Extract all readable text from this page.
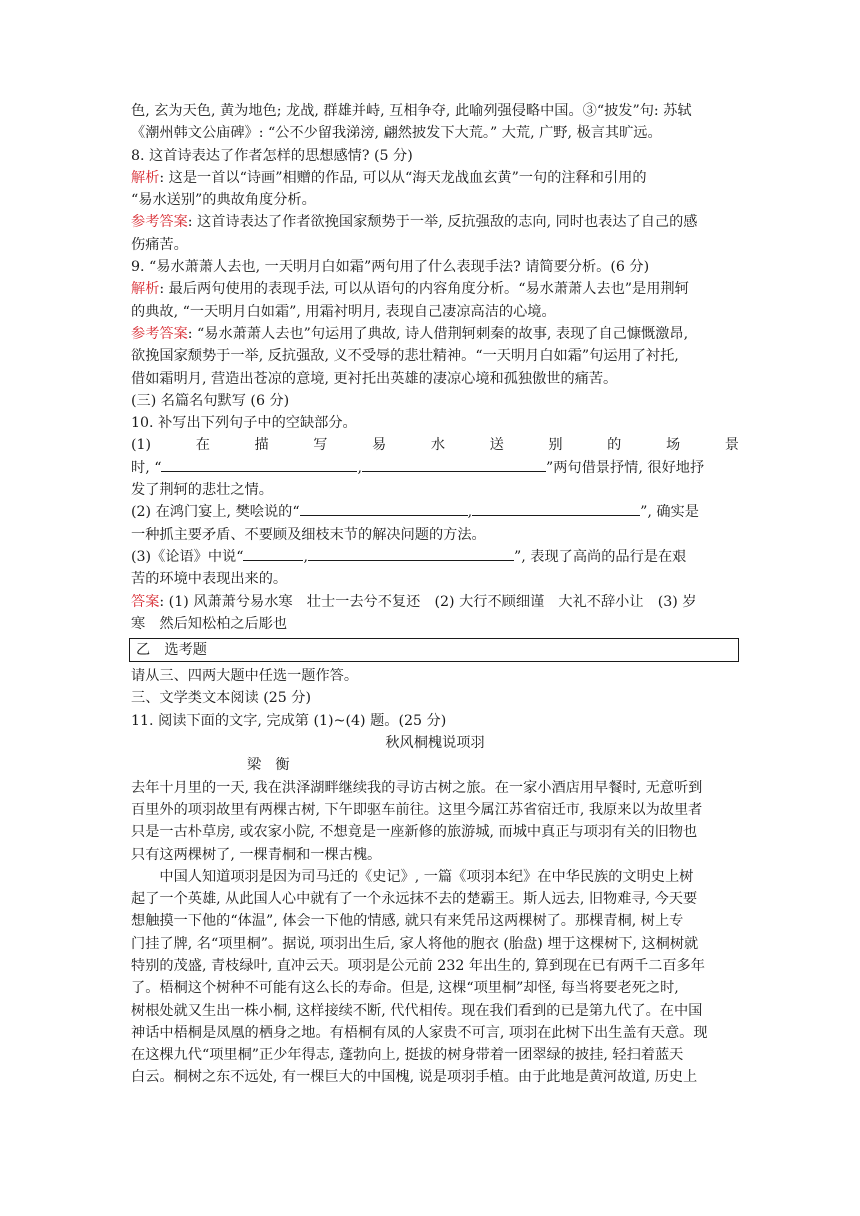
色, 玄为天色, 黄为地色; 龙战, 群雄并峙, 互相争夺, 此喻列强侵略中国。③“披发”句: 苏轼

《潮州韩文公庙碑》: “公不少留我涕滂, 翩然披发下大荒。” 大荒, 广野, 极言其旷远。

8. 这首诗表达了作者怎样的思想感情? (5 分)

解析: 这是一首以“诗画”相赠的作品, 可以从“海天龙战血玄黄”一句的注释和引用的

“易水送别”的典故角度分析。

参考答案: 这首诗表达了作者欲挽国家颓势于一举, 反抗强敌的志向, 同时也表达了自己的感

伤痛苦。

9. “易水萧萧人去也, 一天明月白如霜”两句用了什么表现手法? 请简要分析。(6 分)

解析: 最后两句使用的表现手法, 可以从语句的内容角度分析。“易水萧萧人去也”是用荆轲

的典故, “一天明月白如霜”, 用霜衬明月, 表现自己凄凉高洁的心境。

参考答案: “易水萧萧人去也”句运用了典故, 诗人借荆轲刺秦的故事, 表现了自己慷慨激昂,

欲挽国家颓势于一举, 反抗强敌, 义不受辱的悲壮精神。“一天明月白如霜”句运用了衬托,

借如霜明月, 营造出苍凉的意境, 更衬托出英雄的凄凉心境和孤独傲世的痛苦。

(三) 名篇名句默写 (6 分)

10. 补写出下列句子中的空缺部分。

(1)	在	描	写	易	水	送	别	的	场	景

时, “	,	”两句借景抒情, 很好地抒

发了荆轲的悲壮之情。

(2) 在鸿门宴上, 樊哙说的“	,	”, 确实是

一种抓主要矛盾、不要顾及细枝末节的解决问题的方法。

(3)《论语》中说“	,	”, 表现了高尚的品行是在艰

苦的环境中表现出来的。

答案: (1) 风萧萧兮易水寒　壮士一去兮不复还　(2) 大行不顾细谨　大礼不辞小让　(3) 岁

寒　然后知松柏之后彫也

乙　选考题

请从三、四两大题中任选一题作答。

三、文学类文本阅读 (25 分)

11. 阅读下面的文字, 完成第 (1)~(4) 题。(25 分)

秋风桐槐说项羽

梁　衡

去年十月里的一天, 我在洪泽湖畔继续我的寻访古树之旅。在一家小酒店用早餐时, 无意听到

百里外的项羽故里有两棵古树, 下午即驱车前往。这里今属江苏省宿迁市, 我原来以为故里者

只是一古朴草房, 或农家小院, 不想竟是一座新修的旅游城, 而城中真正与项羽有关的旧物也

只有这两棵树了, 一棵青桐和一棵古槐。

中国人知道项羽是因为司马迁的《史记》, 一篇《项羽本纪》在中华民族的文明史上树

起了一个英雄, 从此国人心中就有了一个永远抹不去的楚霸王。斯人远去, 旧物难寻, 今天要

想触摸一下他的“体温”, 体会一下他的情感, 就只有来凭吊这两棵树了。那棵青桐, 树上专

门挂了牌, 名“项里桐”。据说, 项羽出生后, 家人将他的胞衣 (胎盘) 埋于这棵树下, 这桐树就

特别的茂盛, 青枝绿叶, 直冲云天。项羽是公元前 232 年出生的, 算到现在已有两千二百多年

了。梧桐这个树种不可能有这么长的寿命。但是, 这棵“项里桐”却怪, 每当将要老死之时,

树根处就又生出一株小桐, 这样接续不断, 代代相传。现在我们看到的已是第九代了。在中国

神话中梧桐是凤凰的栖身之地。有梧桐有凤的人家贵不可言, 项羽在此树下出生盖有天意。现

在这棵九代“项里桐”正少年得志, 蓬勃向上, 挺拔的树身带着一团翠绿的披挂, 轻扫着蓝天

白云。桐树之东不远处, 有一棵巨大的中国槐, 说是项羽手植。由于此地是黄河故道, 历史上
